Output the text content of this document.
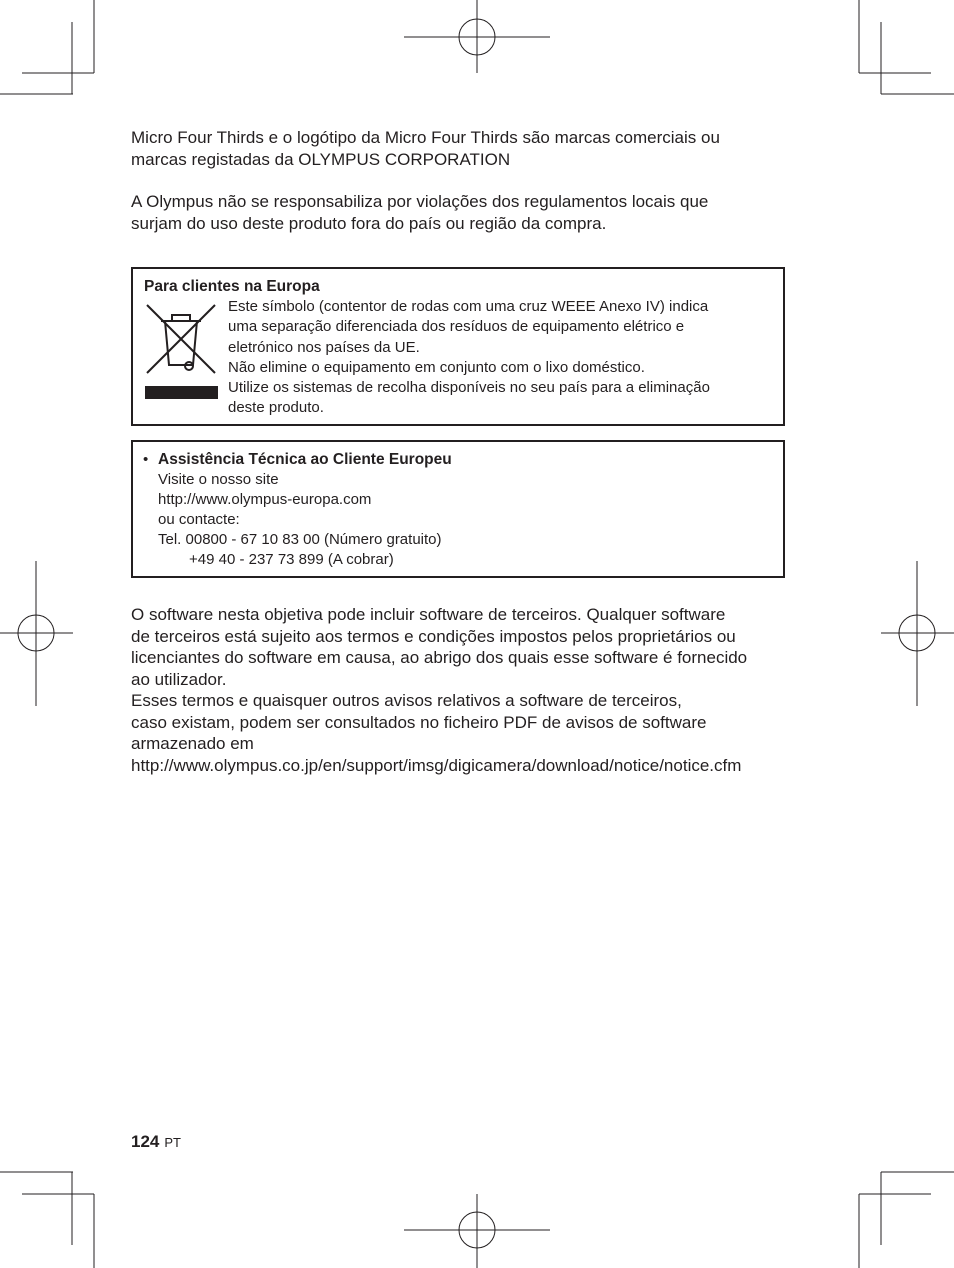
Micro Four Thirds e o logótipo da Micro Four Thirds são marcas comerciais ou
marcas registadas da OLYMPUS CORPORATION
A Olympus não se responsabiliza por violações dos regulamentos locais que
surjam do uso deste produto fora do país ou região da compra.
Para clientes na Europa
Este símbolo (contentor de rodas com uma cruz WEEE Anexo IV) indica
uma separação diferenciada dos resíduos de equipamento elétrico e
eletrónico nos países da UE.
Não elimine o equipamento em conjunto com o lixo doméstico.
Utilize os sistemas de recolha disponíveis no seu país para a eliminação
deste produto.
• Assistência Técnica ao Cliente Europeu
Visite o nosso site
http://www.olympus-europa.com
ou contacte:
Tel. 00800 - 67 10 83 00 (Número gratuito)
+49 40 - 237 73 899 (A cobrar)
O software nesta objetiva pode incluir software de terceiros. Qualquer software
de terceiros está sujeito aos termos e condições impostos pelos proprietários ou
licenciantes do software em causa, ao abrigo dos quais esse software é fornecido
ao utilizador.
Esses termos e quaisquer outros avisos relativos a software de terceiros,
caso existam, podem ser consultados no ficheiro PDF de avisos de software
armazenado em
http://www.olympus.co.jp/en/support/imsg/digicamera/download/notice/notice.cfm
124 PT
